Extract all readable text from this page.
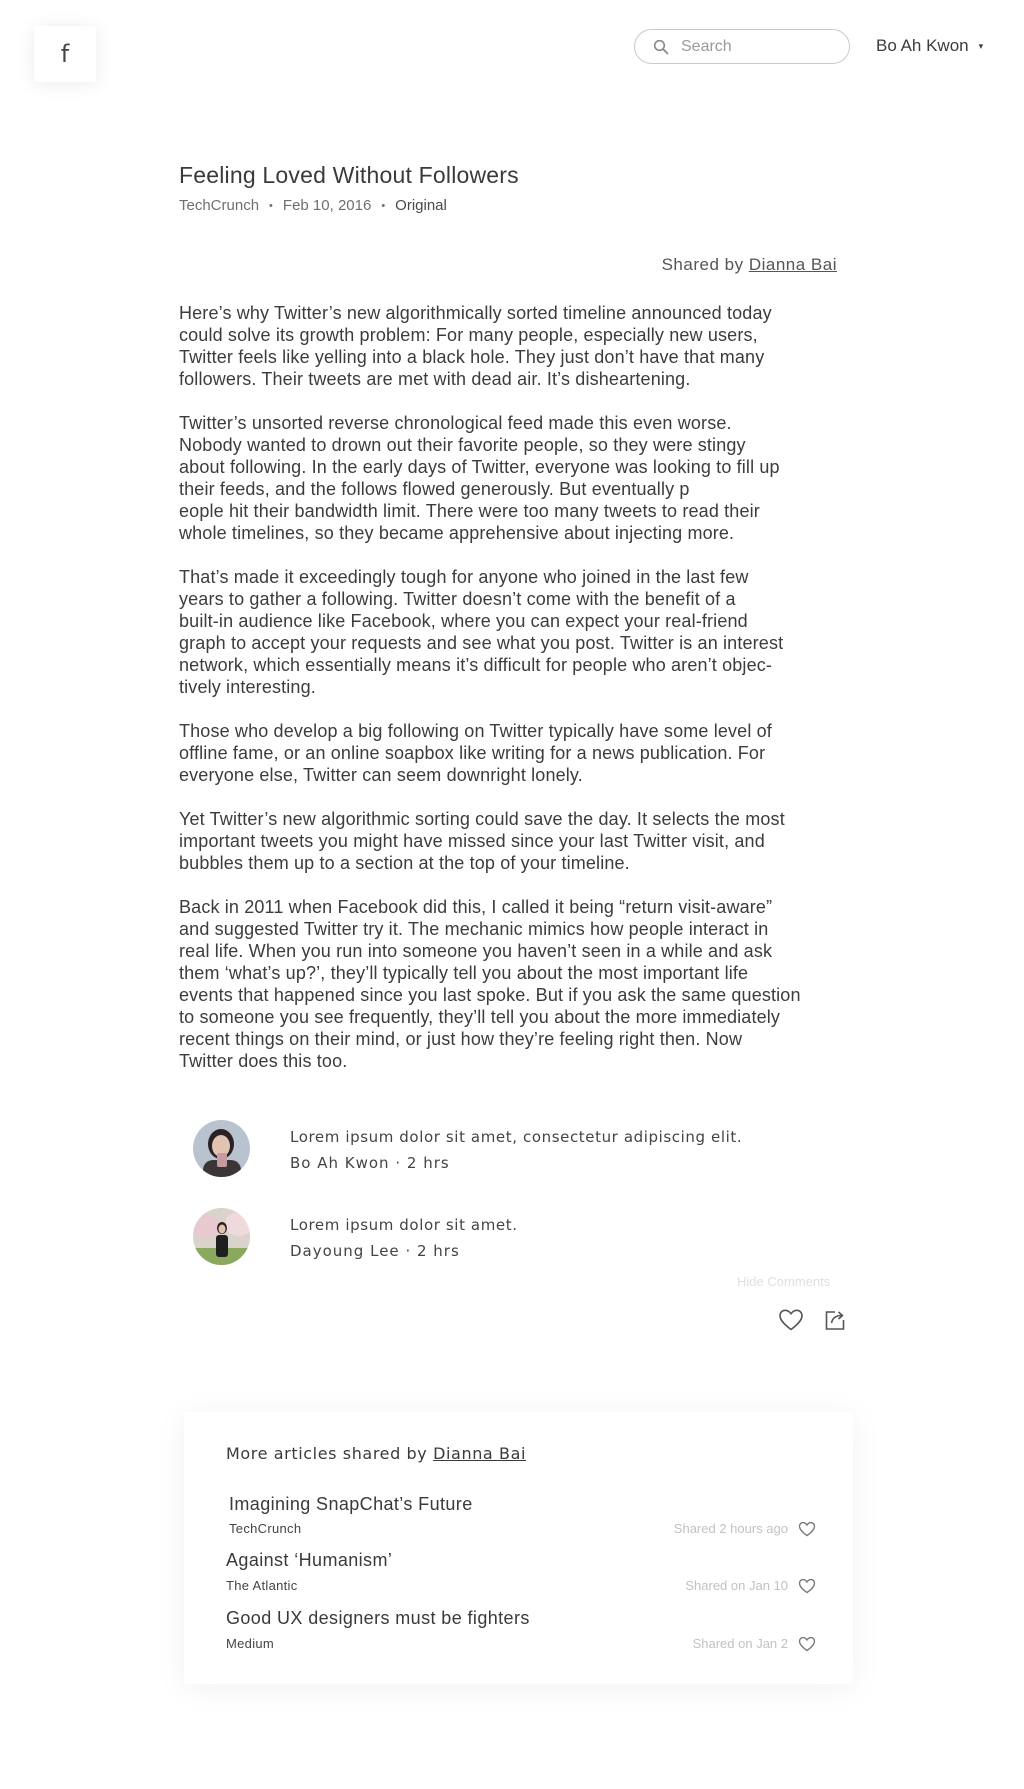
f
Search	Bo Ah Kwon ▾
Feeling Loved Without Followers
TechCrunch • Feb 10, 2016 • Original
Shared by Dianna Bai

Here’s why Twitter’s new algorithmically sorted timeline announced today
could solve its growth problem: For many people, especially new users,
Twitter feels like yelling into a black hole. They just don’t have that many
followers. Their tweets are met with dead air. It’s disheartening.

Twitter’s unsorted reverse chronological feed made this even worse.
Nobody wanted to drown out their favorite people, so they were stingy
about following. In the early days of Twitter, everyone was looking to fill up
their feeds, and the follows flowed generously. But eventually p
eople hit their bandwidth limit. There were too many tweets to read their
whole timelines, so they became apprehensive about injecting more.

That’s made it exceedingly tough for anyone who joined in the last few
years to gather a following. Twitter doesn’t come with the benefit of a
built-in audience like Facebook, where you can expect your real-friend
graph to accept your requests and see what you post. Twitter is an interest
network, which essentially means it’s difficult for people who aren’t objec-
tively interesting.

Those who develop a big following on Twitter typically have some level of
offline fame, or an online soapbox like writing for a news publication. For
everyone else, Twitter can seem downright lonely.

Yet Twitter’s new algorithmic sorting could save the day. It selects the most
important tweets you might have missed since your last Twitter visit, and
bubbles them up to a section at the top of your timeline.

Back in 2011 when Facebook did this, I called it being “return visit-aware”
and suggested Twitter try it. The mechanic mimics how people interact in
real life. When you run into someone you haven’t seen in a while and ask
them ‘what’s up?’, they’ll typically tell you about the most important life
events that happened since you last spoke. But if you ask the same question
to someone you see frequently, they’ll tell you about the more immediately
recent things on their mind, or just how they’re feeling right then. Now
Twitter does this too.

Lorem ipsum dolor sit amet, consectetur adipiscing elit.
Bo Ah Kwon · 2 hrs
Lorem ipsum dolor sit amet.
Dayoung Lee · 2 hrs
Hide Comments
More articles shared by Dianna Bai
Imagining SnapChat’s Future
TechCrunch	Shared 2 hours ago
Against ‘Humanism’
The Atlantic	Shared on Jan 10
Good UX designers must be fighters
Medium	Shared on Jan 2
